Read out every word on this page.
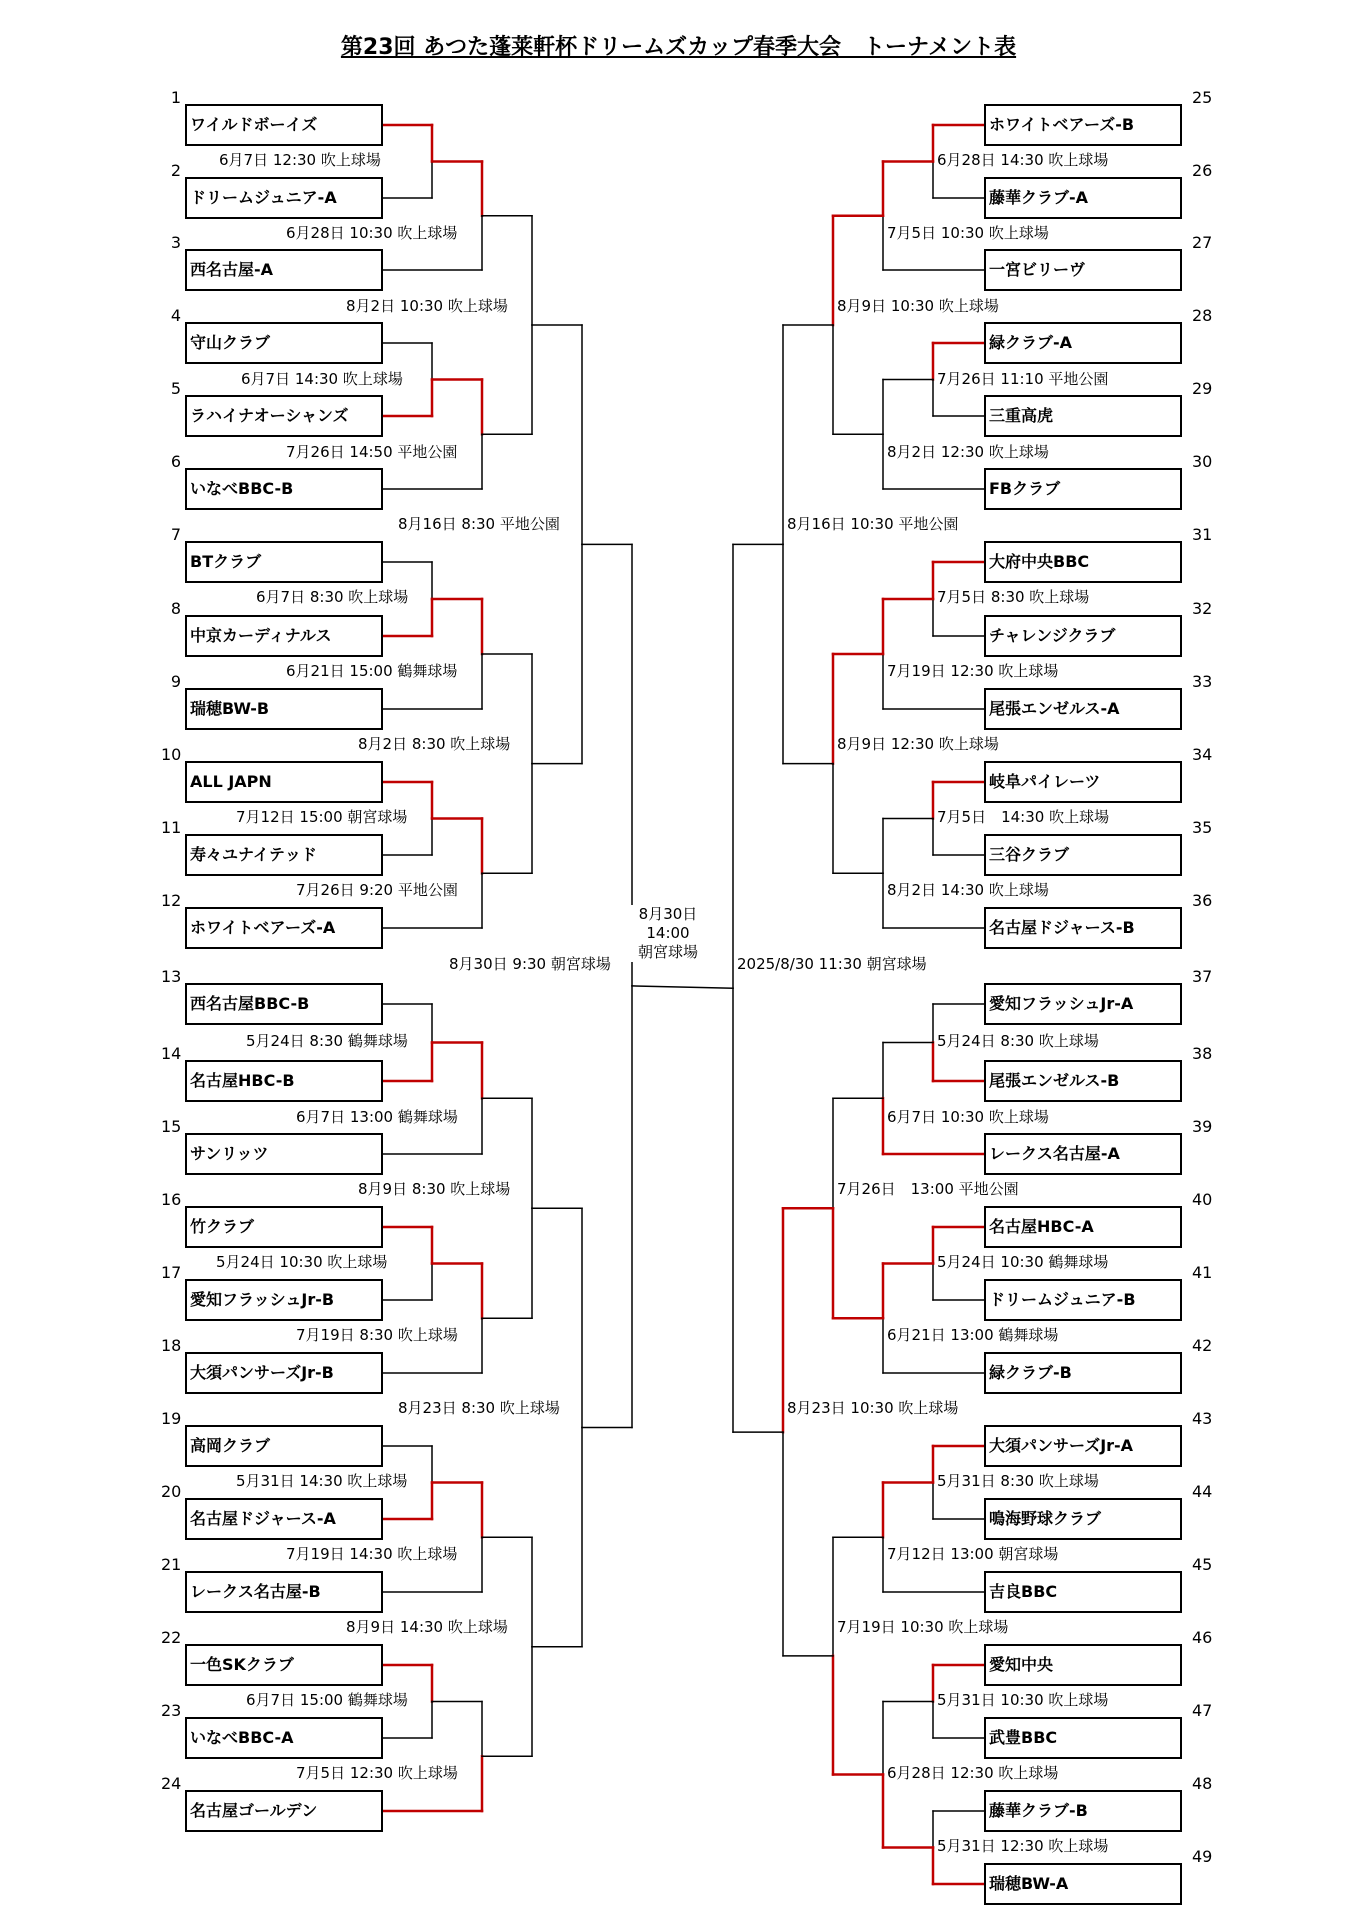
第23回 あつた蓬莱軒杯ドリームズカップ春季大会　トーナメント表
ワイルドボーイズ
1
ドリームジュニア-A
2
西名古屋-A
3
守山クラブ
4
ラハイナオーシャンズ
5
いなべBBC-B
6
BTクラブ
7
中京カーディナルス
8
瑞穂BW-B
9
ALL JAPN
10
寿々ユナイテッド
11
ホワイトベアーズ-A
12
西名古屋BBC-B
13
名古屋HBC-B
14
サンリッツ
15
竹クラブ
16
愛知フラッシュJr-B
17
大須パンサーズJr-B
18
高岡クラブ
19
名古屋ドジャース-A
20
レークス名古屋-B
21
一色SKクラブ
22
いなべBBC-A
23
名古屋ゴールデン
24
ホワイトベアーズ-B
25
藤華クラブ-A
26
一宮ビリーヴ
27
緑クラブ-A
28
三重高虎
29
FBクラブ
30
大府中央BBC
31
チャレンジクラブ
32
尾張エンゼルス-A
33
岐阜パイレーツ
34
三谷クラブ
35
名古屋ドジャース-B
36
愛知フラッシュJr-A
37
尾張エンゼルス-B
38
レークス名古屋-A
39
名古屋HBC-A
40
ドリームジュニア-B
41
緑クラブ-B
42
大須パンサーズJr-A
43
鳴海野球クラブ
44
吉良BBC
45
愛知中央
46
武豊BBC
47
藤華クラブ-B
48
瑞穂BW-A
49
6月7日 12:30 吹上球場
6月28日 10:30 吹上球場
8月2日 10:30 吹上球場
6月7日 14:30 吹上球場
7月26日 14:50 平地公園
8月16日 8:30 平地公園
6月7日 8:30 吹上球場
6月21日 15:00 鶴舞球場
8月2日 8:30 吹上球場
7月12日 15:00 朝宮球場
7月26日 9:20 平地公園
8月30日 9:30 朝宮球場
5月24日 8:30 鶴舞球場
6月7日 13:00 鶴舞球場
8月9日 8:30 吹上球場
5月24日 10:30 吹上球場
7月19日 8:30 吹上球場
8月23日 8:30 吹上球場
5月31日 14:30 吹上球場
7月19日 14:30 吹上球場
8月9日 14:30 吹上球場
6月7日 15:00 鶴舞球場
7月5日 12:30 吹上球場
6月28日 14:30 吹上球場
7月5日 10:30 吹上球場
8月9日 10:30 吹上球場
7月26日 11:10 平地公園
8月2日 12:30 吹上球場
8月16日 10:30 平地公園
7月5日 8:30 吹上球場
7月19日 12:30 吹上球場
8月9日 12:30 吹上球場
7月5日　14:30 吹上球場
8月2日 14:30 吹上球場
2025/8/30 11:30 朝宮球場
5月24日 8:30 吹上球場
6月7日 10:30 吹上球場
7月26日　13:00 平地公園
5月24日 10:30 鶴舞球場
6月21日 13:00 鶴舞球場
8月23日 10:30 吹上球場
5月31日 8:30 吹上球場
7月12日 13:00 朝宮球場
7月19日 10:30 吹上球場
5月31日 10:30 吹上球場
6月28日 12:30 吹上球場
5月31日 12:30 吹上球場
8月30日
14:00
朝宮球場
